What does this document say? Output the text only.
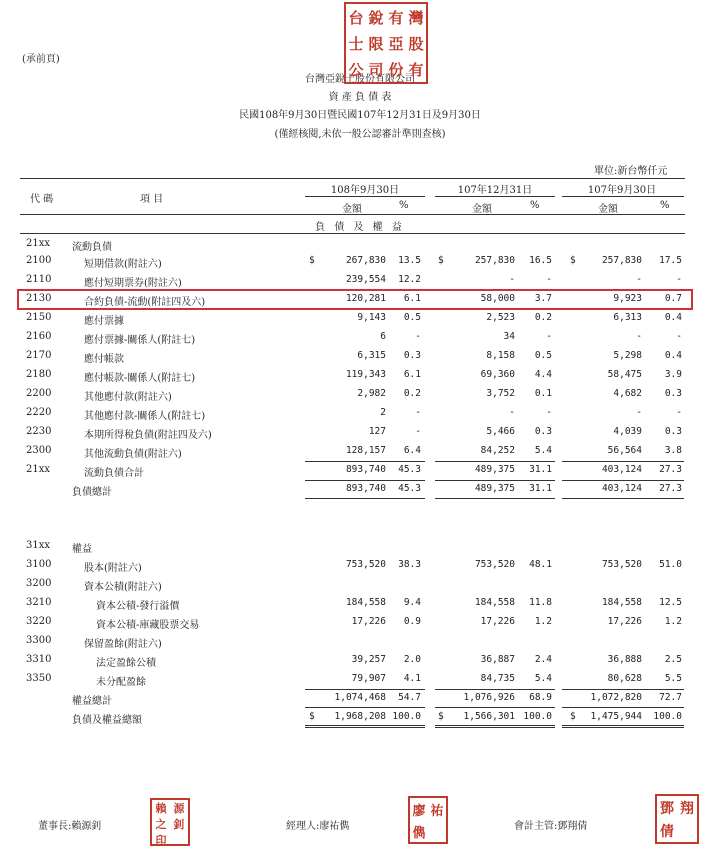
(承前頁)
台灣亞銳士股份有限公司
資 產 負 債 表
民國108年9月30日暨民國107年12月31日及9月30日
(僅經核閱,未依一般公認審計準則查核)
單位:新台幣仟元
台 銳 有 灣
士 限 亞 股
公 司 份 有
代 碼	項 目
108年9月30日	107年12月31日	107年9月30日
金額	%	金額	%	金額	%
負 債 及 權 益
21xx 流動負債
2100	短期借款(附註六)	$	267,830 13.5 $	257,830 16.5 $	257,830 17.5
2110	應付短期票券(附註六)	239,554 12.2	-	-	-	-
2130	合約負債-流動(附註四及六)	120,281 6.1	58,000 3.7	9,923 0.7
2150	應付票據	9,143 0.5	2,523 0.2	6,313 0.4
2160	應付票據-關係人(附註七)	6	-	34	-	-	-
2170	應付帳款	6,315 0.3	8,158 0.5	5,298 0.4
2180	應付帳款-關係人(附註七)	119,343 6.1	69,360 4.4	58,475 3.9
2200	其他應付款(附註六)	2,982 0.2	3,752 0.1	4,682 0.3
2220	其他應付款-關係人(附註七)	2	-	-	-	-	-
2230	本期所得稅負債(附註四及六)	127	-	5,466 0.3	4,039 0.3
2300	其他流動負債(附註六)	128,157 6.4	84,252 5.4	56,564 3.8
21xx	流動負債合計	893,740 45.3	489,375 31.1	403,124 27.3
負債總計	893,740 45.3	489,375 31.1	403,124 27.3
31xx 權益
3100	股本(附註六)	753,520 38.3	753,520 48.1	753,520 51.0
3200	資本公積(附註六)
3210	資本公積-發行溢價	184,558 9.4	184,558 11.8	184,558 12.5
3220	資本公積-庫藏股票交易	17,226 0.9	17,226 1.2	17,226 1.2
3300	保留盈餘(附註六)
3310	法定盈餘公積	39,257 2.0	36,887 2.4	36,888 2.5
3350	未分配盈餘	79,907 4.1	84,735 5.4	80,628 5.5
權益總計	1,074,468 54.7	1,076,926 68.9	1,072,820 72.7
負債及權益總額	$ 1,968,208 100.0 $ 1,566,301 100.0 $ 1,475,944 100.0
董事長:賴源釗
賴 源
之 釗
印
經理人:廖祐儁
廖 祐
儁	會計主管:鄧翔倩
鄧 翔
倩
